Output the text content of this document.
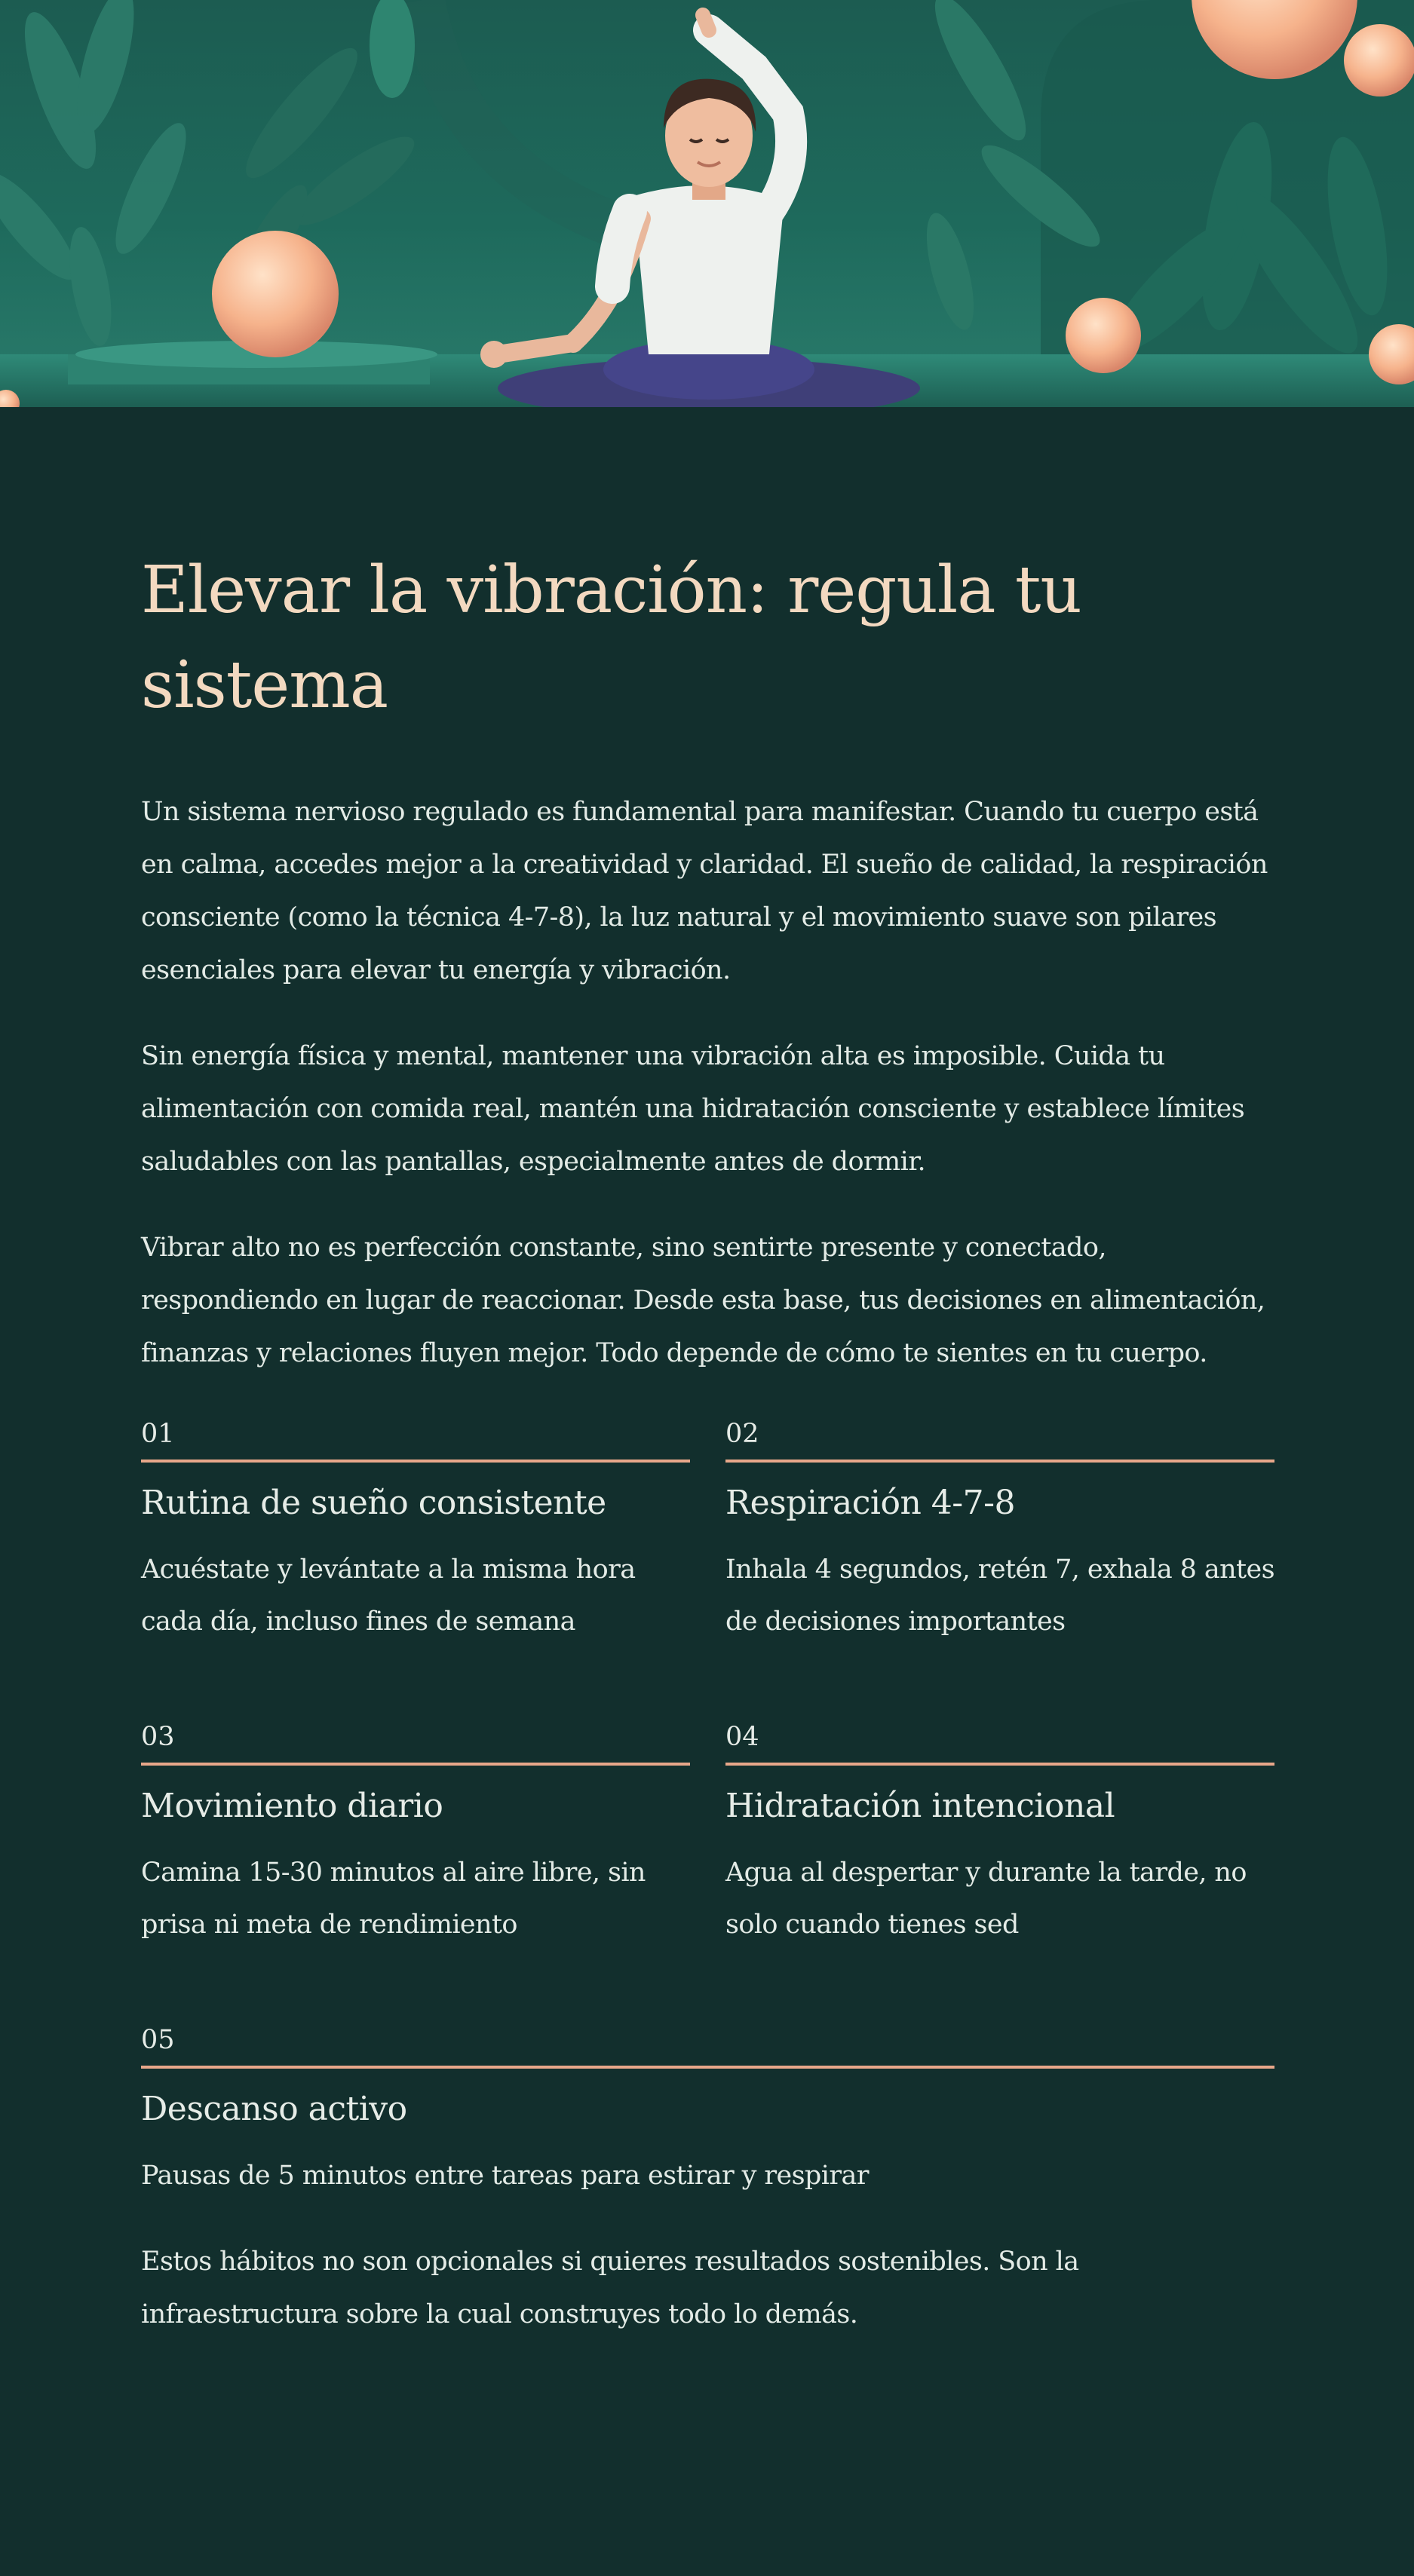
Elevar la vibración: regula tu sistema

Un sistema nervioso regulado es fundamental para manifestar. Cuando tu cuerpo está en calma, accedes mejor a la creatividad y claridad. El sueño de calidad, la respiración consciente (como la técnica 4-7-8), la luz natural y el movimiento suave son pilares esenciales para elevar tu energía y vibración.

Sin energía física y mental, mantener una vibración alta es imposible. Cuida tu alimentación con comida real, mantén una hidratación consciente y establece límites saludables con las pantallas, especialmente antes de dormir.

Vibrar alto no es perfección constante, sino sentirte presente y conectado, respondiendo en lugar de reaccionar. Desde esta base, tus decisiones en alimentación, finanzas y relaciones fluyen mejor. Todo depende de cómo te sientes en tu cuerpo.

01
Rutina de sueño consistente
Acuéstate y levántate a la misma hora cada día, incluso fines de semana
02
Respiración 4-7-8
Inhala 4 segundos, retén 7, exhala 8 antes de decisiones importantes
03
Movimiento diario
Camina 15-30 minutos al aire libre, sin prisa ni meta de rendimiento
04
Hidratación intencional
Agua al despertar y durante la tarde, no solo cuando tienes sed
05
Descanso activo
Pausas de 5 minutos entre tareas para estirar y respirar

Estos hábitos no son opcionales si quieres resultados sostenibles. Son la infraestructura sobre la cual construyes todo lo demás.
